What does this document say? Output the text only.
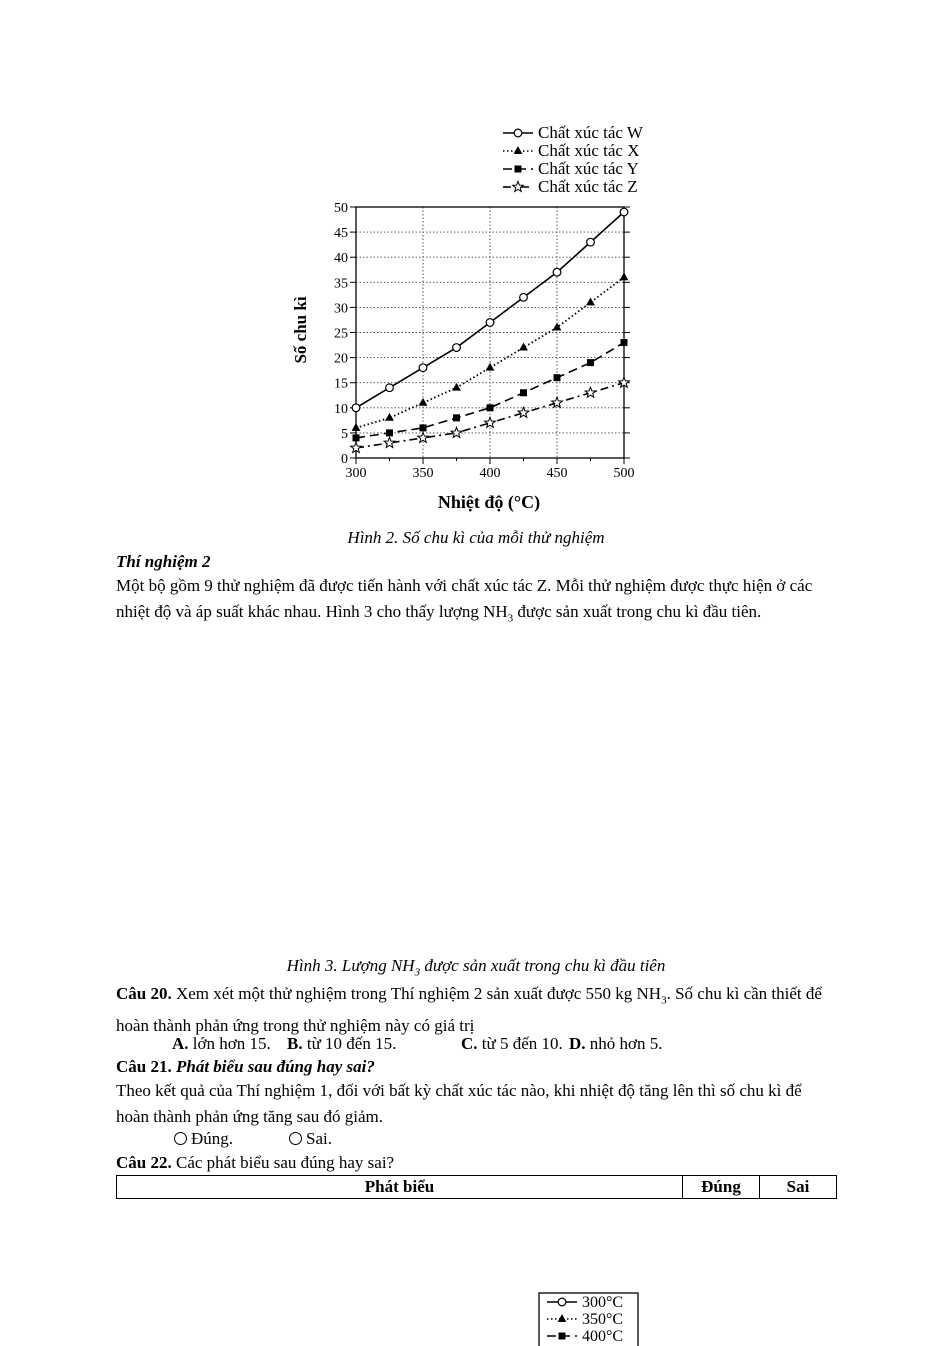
Chất xúc tác W
Chất xúc tác X
Chất xúc tác Y
Chất xúc tác Z
0
5
10
15
20
25
30
35
40
45
50
300	350	400	450	500
Số chu kì
Nhiệt độ (°C)
Hình 2. Số chu kì của mỗi thử nghiệm
Thí nghiệm 2
Một bộ gồm 9 thử nghiệm đã được tiến hành với chất xúc tác Z. Mỗi thử nghiệm được thực hiện ở các nhiệt độ và áp suất khác nhau. Hình 3 cho thấy lượng $NH_3$ được sản xuất trong chu kì đầu tiên.
300°C
350°C
400°C
Hình 3. Lượng $NH_3$ được sản xuất trong chu kì đầu tiên
Câu 20. Xem xét một thử nghiệm trong Thí nghiệm 2 sản xuất được 550 kg $NH_3$. Số chu kì cần thiết để hoàn thành phản ứng trong thử nghiệm này có giá trị
A. lớn hơn 15. B. từ 10 đến 15.	C. từ 5 đến 10. D. nhỏ hơn 5.
Câu 21. Phát biểu sau đúng hay sai?
Theo kết quả của Thí nghiệm 1, đối với bất kỳ chất xúc tác nào, khi nhiệt độ tăng lên thì số chu kì để hoàn thành phản ứng tăng sau đó giảm.
Đúng.	Sai.
Câu 22. Các phát biểu sau đúng hay sai?
Phát biểu	Đúng	Sai
